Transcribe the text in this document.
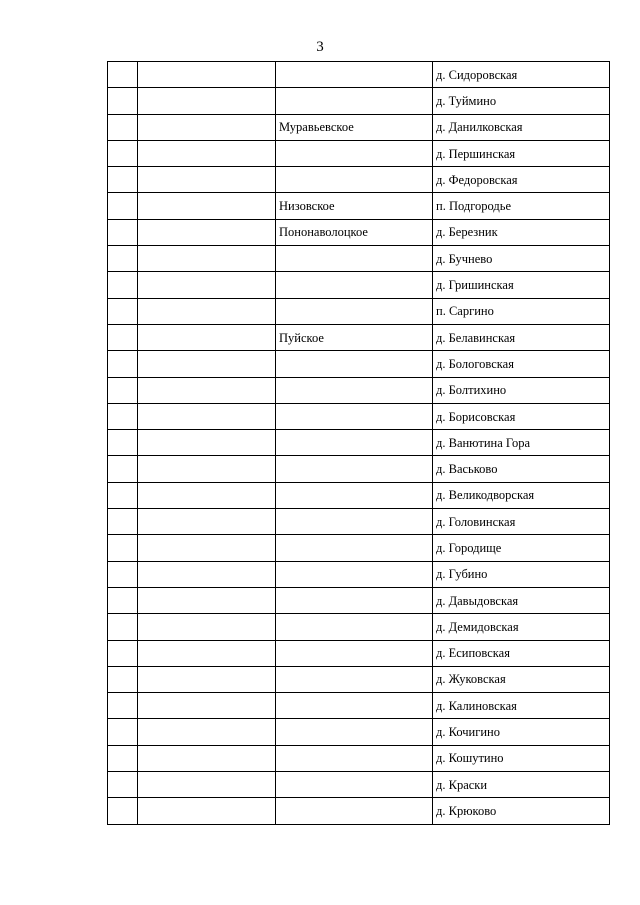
3
			д. Сидоровская
			д. Туймино
		Муравьевское	д. Данилковская
			д. Першинская
			д. Федоровская
		Низовское	п. Подгородье
		Пононаволоцкое	д. Березник
			д. Бучнево
			д. Гришинская
			п. Саргино
		Пуйское	д. Белавинская
			д. Бологовская
			д. Болтихино
			д. Борисовская
			д. Ванютина Гора
			д. Васьково
			д. Великодворская
			д. Головинская
			д. Городище
			д. Губино
			д. Давыдовская
			д. Демидовская
			д. Есиповская
			д. Жуковская
			д. Калиновская
			д. Кочигино
			д. Кошутино
			д. Краски
			д. Крюково
